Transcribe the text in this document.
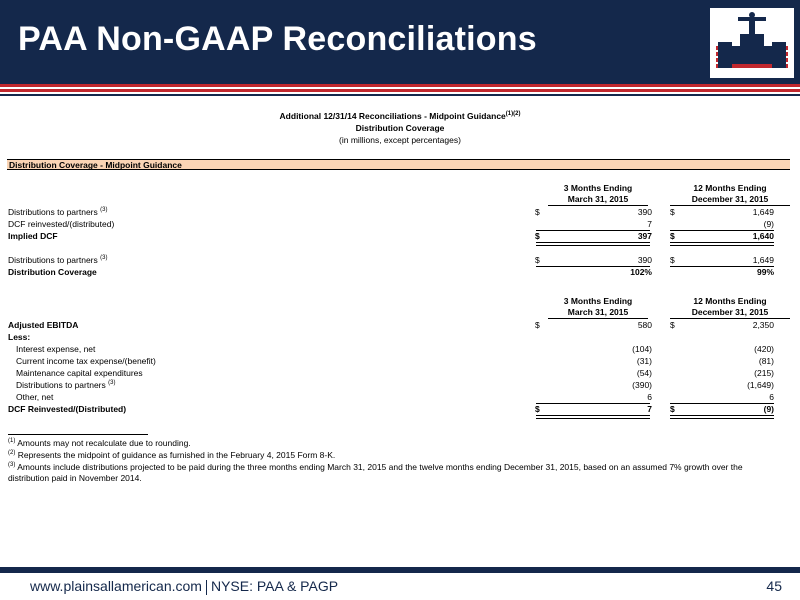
PAA Non-GAAP Reconciliations
Additional 12/31/14 Reconciliations - Midpoint Guidance$^{(1)(2)}$
Distribution Coverage
(in millions, except percentages)
Distribution Coverage - Midpoint Guidance
3 Months Ending
March 31, 2015
12 Months Ending
December 31, 2015
Distributions to partners $^{(3)}$	$	390 $	1,649
DCF reinvested/(distributed)	7	(9)
Implied DCF	$	397 $	1,640
Distributions to partners $^{(3)}$	$	390 $	1,649
Distribution Coverage	102%	99%
3 Months Ending
March 31, 2015
12 Months Ending
December 31, 2015
Adjusted EBITDA	$	580 $	2,350
Less:
Interest expense, net	(104)	(420)
Current income tax expense/(benefit)	(31)	(81)
Maintenance capital expenditures	(54)	(215)
Distributions to partners $^{(3)}$	(390)	(1,649)
Other, net	6	6
DCF Reinvested/(Distributed)	$	7 $	(9)
$^{(1)}$ Amounts may not recalculate due to rounding.
$^{(2)}$ Represents the midpoint of guidance as furnished in the February 4, 2015 Form 8-K.
$^{(3)}$ Amounts include distributions projected to be paid during the three months ending March 31, 2015 and the twelve months ending December 31, 2015, based on an assumed 7% growth over the distribution paid in November 2014.
www.plainsallamerican.com NYSE: PAA & PAGP	45
